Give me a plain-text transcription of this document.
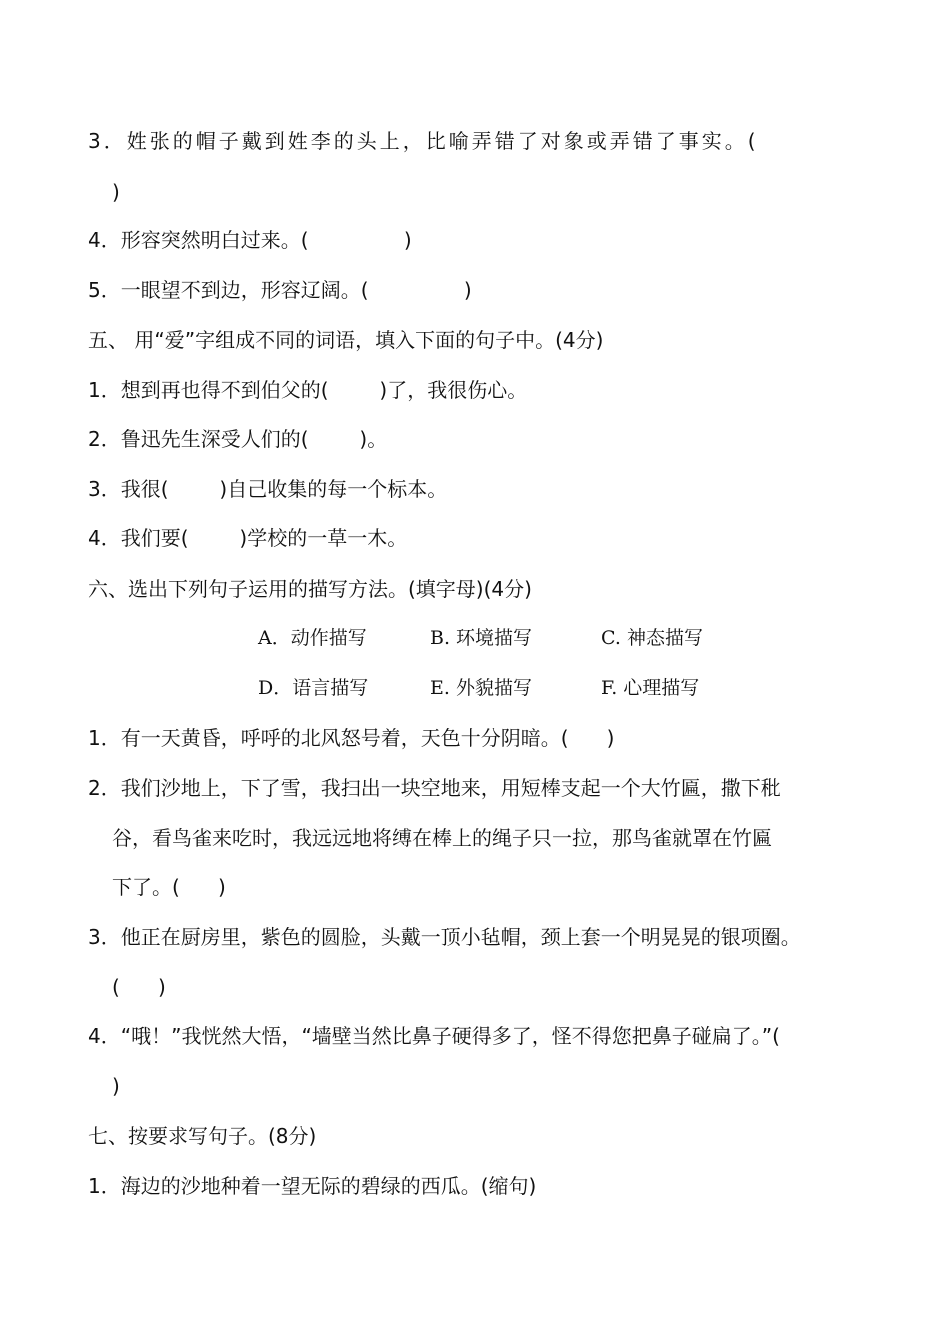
3．姓张的帽子戴到姓李的头上，比喻弄错了对象或弄错了事实。(
)
4．形容突然明白过来。(               )
5．一眼望不到边，形容辽阔。(               )
五、 用“爱”字组成不同的词语，填入下面的句子中。(4分)
1．想到再也得不到伯父的(        )了，我很伤心。
2．鲁迅先生深受人们的(        )。
3．我很(        )自己收集的每一个标本。
4．我们要(        )学校的一草一木。
六、选出下列句子运用的描写方法。(填字母)(4分)
A．动作描写	B. 环境描写	C. 神态描写
D．语言描写	E. 外貌描写	F. 心理描写
1．有一天黄昏，呼呼的北风怒号着，天色十分阴暗。(      )
2．我们沙地上，下了雪，我扫出一块空地来，用短棒支起一个大竹匾，撒下秕
谷，看鸟雀来吃时，我远远地将缚在棒上的绳子只一拉，那鸟雀就罩在竹匾
下了。(      )
3．他正在厨房里，紫色的圆脸，头戴一顶小毡帽，颈上套一个明晃晃的银项圈。
(      )
4．“哦！”我恍然大悟，“墙壁当然比鼻子硬得多了，怪不得您把鼻子碰扁了。”(
)
七、按要求写句子。(8分)
1．海边的沙地种着一望无际的碧绿的西瓜。(缩句)
